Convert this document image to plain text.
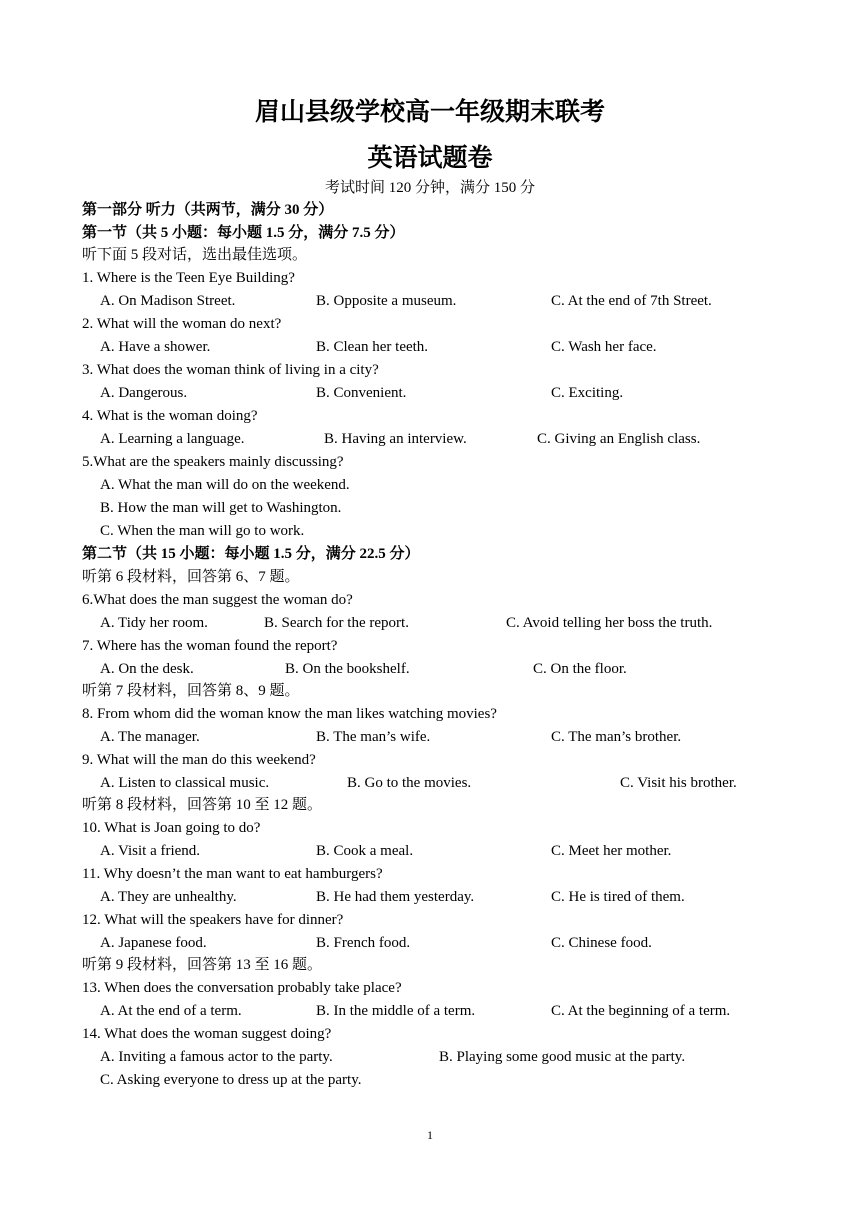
眉山县级学校高一年级期末联考
英语试题卷
考试时间 120 分钟，满分 150 分
第一部分 听力（共两节，满分 30 分）
第一节（共 5 小题：每小题 1.5 分，满分 7.5 分）
听下面 5 段对话，选出最佳选项。
1. Where is the Teen Eye Building?
A. On Madison Street.	B. Opposite a museum.	C. At the end of 7th Street.
2. What will the woman do next?
A. Have a shower.	B. Clean her teeth.	C. Wash her face.
3. What does the woman think of living in a city?
A. Dangerous.	B. Convenient.	C. Exciting.
4. What is the woman doing?
A. Learning a language.	B. Having an interview.	C. Giving an English class.
5.What are the speakers mainly discussing?
A. What the man will do on the weekend.
B. How the man will get to Washington.
C. When the man will go to work.
第二节（共 15 小题：每小题 1.5 分，满分 22.5 分）
听第 6 段材料，回答第 6、7 题。
6.What does the man suggest the woman do?
A. Tidy her room.	B. Search for the report.	C. Avoid telling her boss the truth.
7. Where has the woman found the report?
A. On the desk.	B. On the bookshelf.	C. On the floor.
听第 7 段材料，回答第 8、9 题。
8. From whom did the woman know the man likes watching movies?
A. The manager.	B. The man’s wife.	C. The man’s brother.
9. What will the man do this weekend?
A. Listen to classical music.	B. Go to the movies.	C. Visit his brother.
听第 8 段材料，回答第 10 至 12 题。
10. What is Joan going to do?
A. Visit a friend.	B. Cook a meal.	C. Meet her mother.
11. Why doesn’t the man want to eat hamburgers?
A. They are unhealthy.	B. He had them yesterday.	C. He is tired of them.
12. What will the speakers have for dinner?
A. Japanese food.	B. French food.	C. Chinese food.
听第 9 段材料，回答第 13 至 16 题。
13. When does the conversation probably take place?
A. At the end of a term.	B. In the middle of a term.	C. At the beginning of a term.
14. What does the woman suggest doing?
A. Inviting a famous actor to the party.	B. Playing some good music at the party.
C. Asking everyone to dress up at the party.
1
